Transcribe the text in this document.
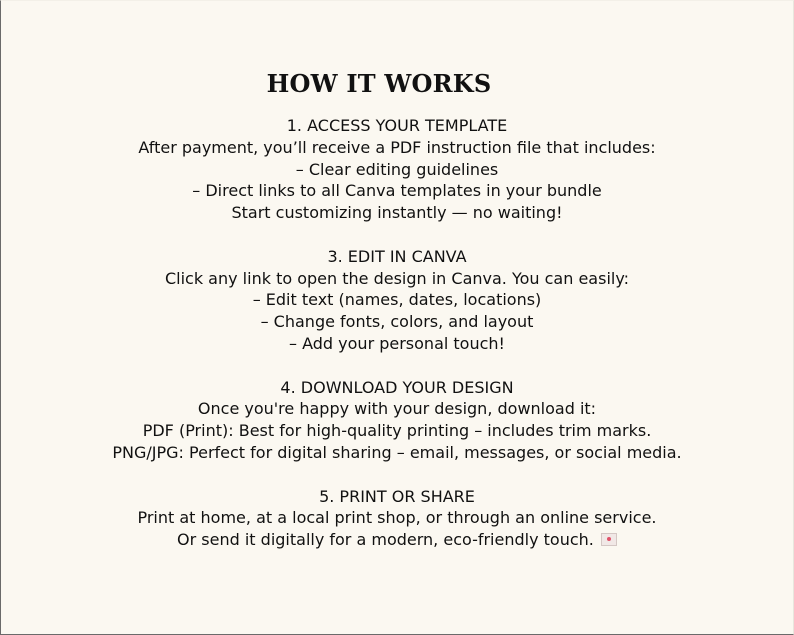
HOW IT WORKS
1. ACCESS YOUR TEMPLATE
After payment, you’ll receive a PDF instruction file that includes:
– Clear editing guidelines
– Direct links to all Canva templates in your bundle
Start customizing instantly — no waiting!
3. EDIT IN CANVA
Click any link to open the design in Canva. You can easily:
– Edit text (names, dates, locations)
– Change fonts, colors, and layout
– Add your personal touch!
4. DOWNLOAD YOUR DESIGN
Once you're happy with your design, download it:
PDF (Print): Best for high-quality printing – includes trim marks.
PNG/JPG: Perfect for digital sharing – email, messages, or social media.
5. PRINT OR SHARE
Print at home, at a local print shop, or through an online service.
Or send it digitally for a modern, eco-friendly touch.
